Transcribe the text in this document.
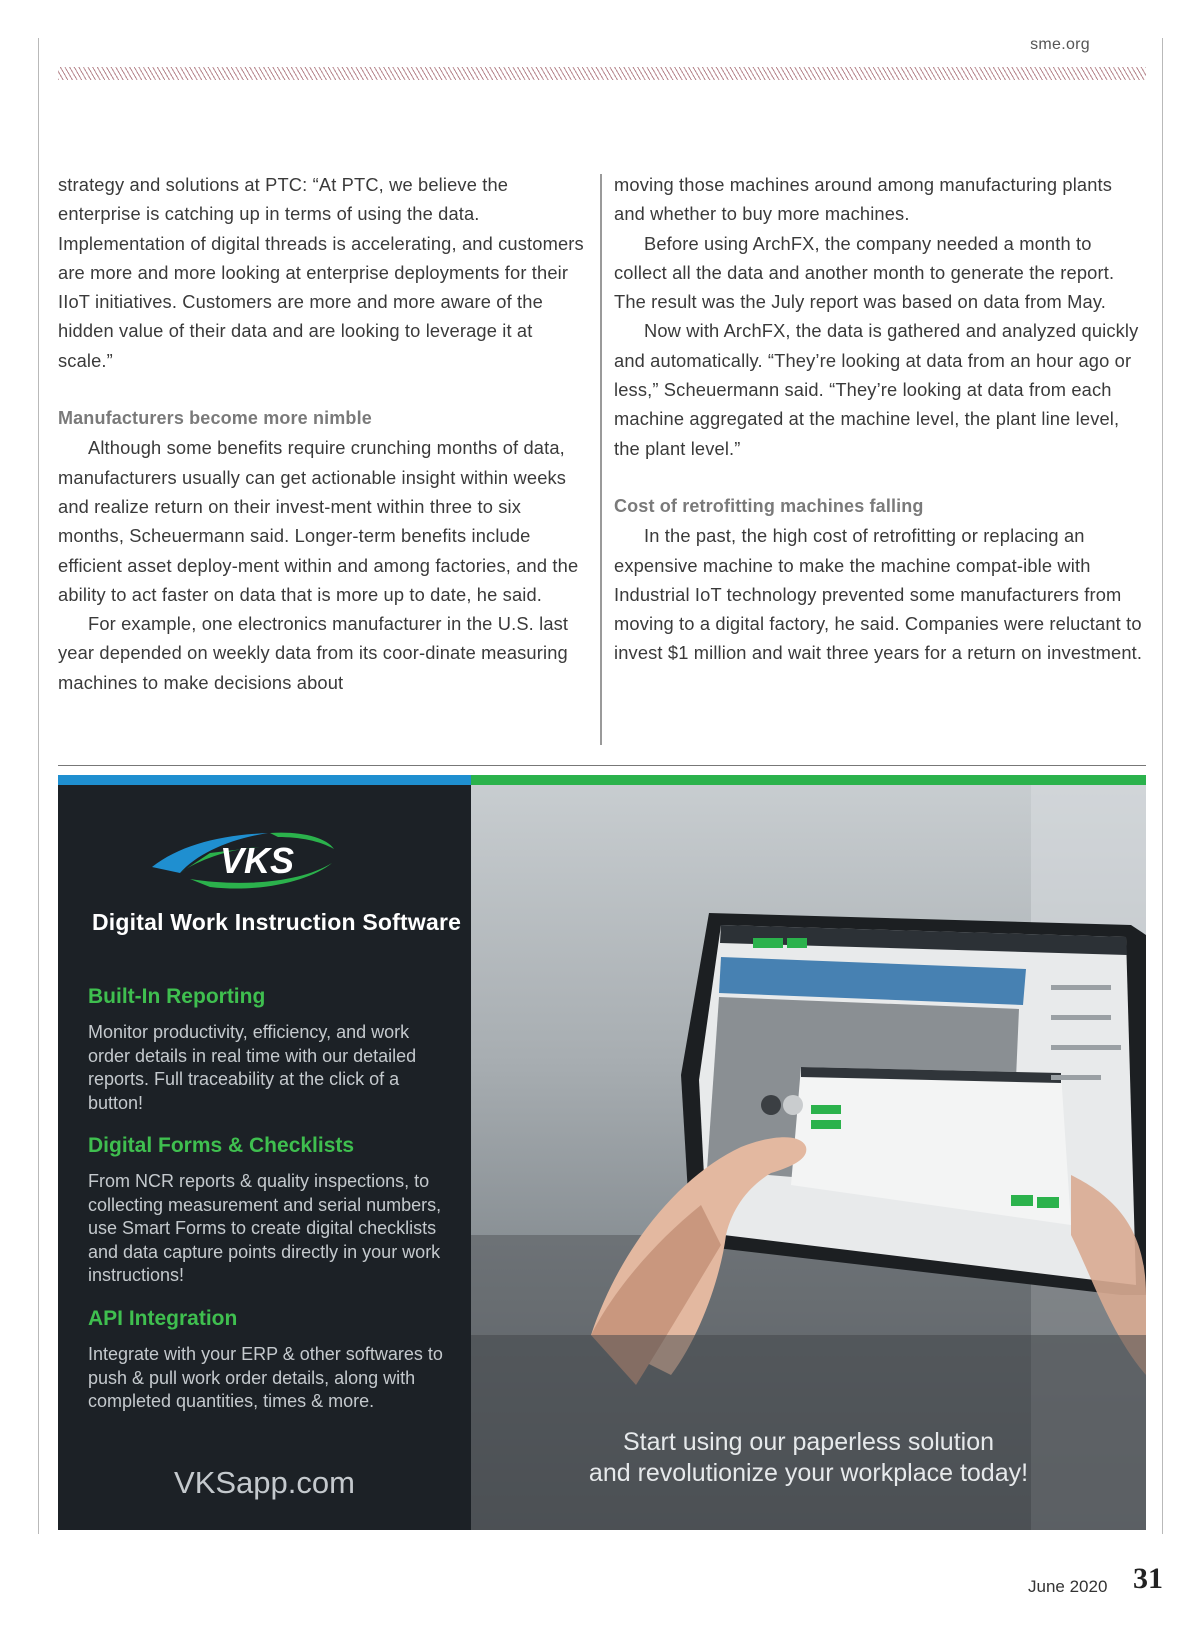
sme.org

strategy and solutions at PTC: “At PTC, we believe the enterprise is catching up in terms of using the data. Implementation of digital threads is accelerating, and customers are more and more looking at enterprise deployments for their IIoT initiatives. Customers are more and more aware of the hidden value of their data and are looking to leverage it at scale.”

Manufacturers become more nimble

Although some benefits require crunching months of data, manufacturers usually can get actionable insight within weeks and realize return on their invest-ment within three to six months, Scheuermann said. Longer-term benefits include efficient asset deploy-ment within and among factories, and the ability to act faster on data that is more up to date, he said.

For example, one electronics manufacturer in the U.S. last year depended on weekly data from its coor-dinate measuring machines to make decisions about

moving those machines around among manufacturing plants and whether to buy more machines.

Before using ArchFX, the company needed a month to collect all the data and another month to generate the report. The result was the July report was based on data from May.

Now with ArchFX, the data is gathered and analyzed quickly and automatically. “They’re looking at data from an hour ago or less,” Scheuermann said. “They’re looking at data from each machine aggregated at the machine level, the plant line level, the plant level.”

Cost of retrofitting machines falling

In the past, the high cost of retrofitting or replacing an expensive machine to make the machine compat-ible with Industrial IoT technology prevented some manufacturers from moving to a digital factory, he said. Companies were reluctant to invest $1 million and wait three years for a return on investment.

VKS
Digital Work Instruction Software
Built-In Reporting
Monitor productivity, efficiency, and work order details in real time with our detailed reports. Full traceability at the click of a button!
Digital Forms & Checklists
From NCR reports & quality inspections, to collecting measurement and serial numbers, use Smart Forms to create digital checklists and data capture points directly in your work instructions!
API Integration
Integrate with your ERP & other softwares to push & pull work order details, along with completed quantities, times & more.
VKSapp.com
Start using our paperless solution
and revolutionize your workplace today!
June 2020 31
